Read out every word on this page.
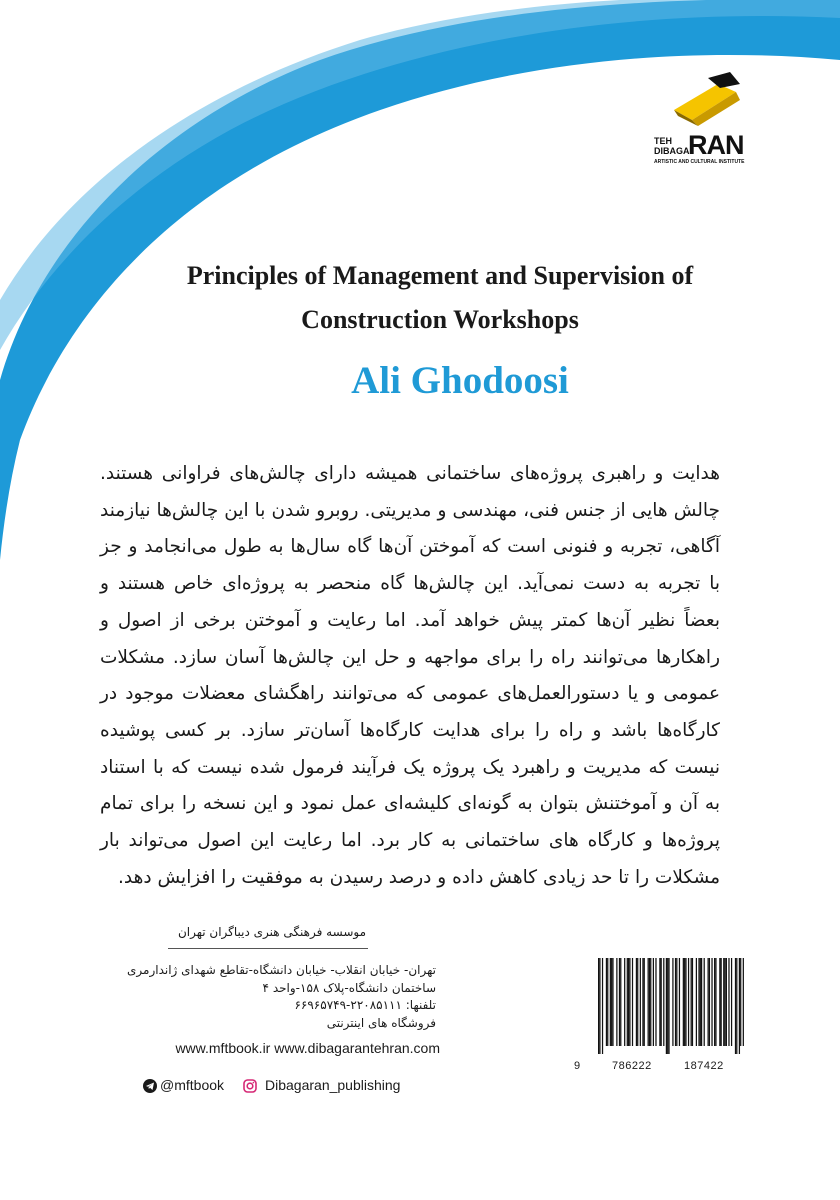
TEH
DIBAGA
RAN
ARTISTIC AND CULTURAL INSTITUTE
Principles of Management and Supervision of
Construction Workshops
Ali Ghodoosi
هدایت و راهبری پروژه‌های ساختمانی همیشه دارای چالش‌های فراوانی هستند. چالش هایی از جنس فنی، مهندسی و مدیریتی. روبرو شدن با این چالش‌ها نیازمند آگاهی، تجربه و فنونی است که آموختن آن‌ها گاه سال‌ها به طول می‌انجامد و جز با تجربه به دست نمی‌آید. این چالش‌ها گاه منحصر به پروژه‌ای خاص هستند و بعضاً نظیر آن‌ها کمتر پیش خواهد آمد. اما رعایت و آموختن برخی از اصول و راهکارها می‌توانند راه را برای مواجهه و حل این چالش‌ها آسان سازد. مشکلات عمومی و یا دستورالعمل‌های عمومی که می‌توانند راهگشای معضلات موجود در کارگاه‌ها باشد و راه را برای هدایت کارگاه‌ها آسان‌تر سازد. بر کسی پوشیده نیست که مدیریت و راهبرد یک پروژه یک فرآیند فرمول شده نیست که با استناد به آن و آموختنش بتوان به گونه‌ای کلیشه‌ای عمل نمود و این نسخه را برای تمام پروژه‌ها و کارگاه های ساختمانی به کار برد. اما رعایت این اصول می‌تواند بار مشکلات را تا حد زیادی کاهش داده و درصد رسیدن به موفقیت را افزایش دهد.
موسسه فرهنگی هنری دیباگران تهران
تهران- خیابان انقلاب- خیابان دانشگاه-تقاطع شهدای ژاندارمری
ساختمان دانشگاه-پلاک ۱۵۸-واحد ۴
تلفنها: ۲۲۰۸۵۱۱۱-۶۶۹۶۵۷۴۹
فروشگاه های اینترنتی
www.mftbook.ir www.dibagarantehran.com
@mftbook	Dibagaran_publishing
9	786222	187422
